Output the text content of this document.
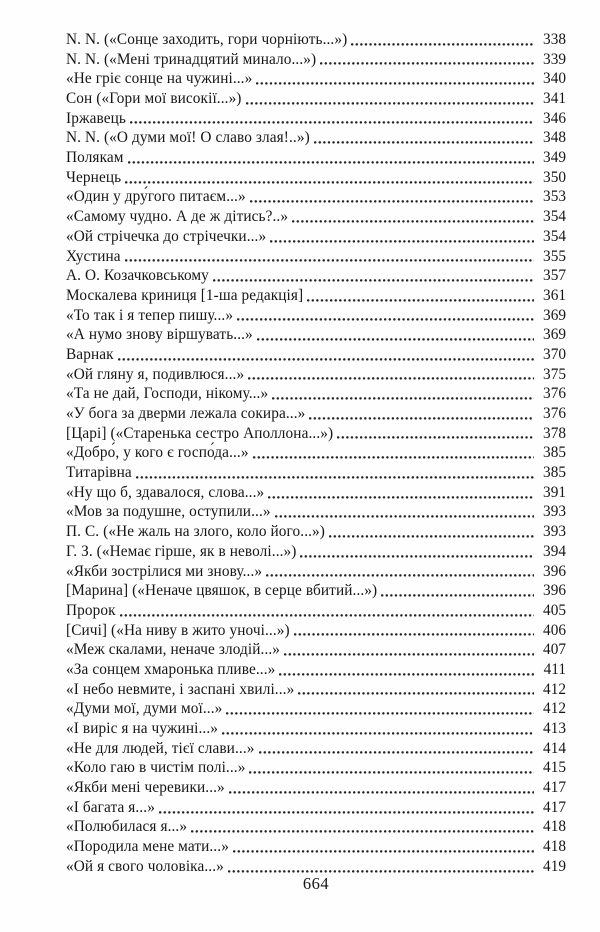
N. N. («Сонце заходить, гори чорніють...»)	338
N. N. («Мені тринадцятий минало...»)	339
«Не гріє сонце на чужині...»	340
Сон («Гори мої високії...»)	341
Іржавець	346
N. N. («О думи мої! О славо злая!..»)	348
Полякам	349
Чернець	350
«Один у дру́гого питаєм...»	353
«Самому чудно. А де ж дітись?..»	354
«Ой стрічечка до стрічечки...»	354
Хустина	355
А. О. Козачковському	357
Москалева криниця [1-ша редакція]	361
«То так і я тепер пишу...»	369
«А нумо знову віршувать...»	369
Варнак	370
«Ой гляну я, подивлюся...»	375
«Та не дай, Господи, нікому...»	376
«У бога за дверми лежала сокира...»	376
[Царі] («Старенька сестро Аполлона...»)	378
«Добро́, у кого є госпо́да...»	385
Титарівна	385
«Ну що б, здавалося, слова...»	391
«Мов за подушне, оступили...»	393
П. С. («Не жаль на злого, коло його...»)	393
Г. З. («Немає гірше, як в неволі...»)	394
«Якби зострілися ми знову...»	396
[Марина] («Неначе цвяшок, в серце вбитий...»)	396
Пророк	405
[Сичі] («На ниву в жито уночі...»)	406
«Меж скалами, неначе злодій...»	407
«За сонцем хмаронька пливе...»	411
«І небо невмите, і заспані хвилі...»	412
«Думи мої, думи мої...»	412
«І виріс я на чужині...»	413
«Не для людей, тієї слави...»	414
«Коло гаю в чистім полі...»	415
«Якби мені черевики...»	417
«І багата я...»	417
«Полюбилася я...»	418
«Породила мене мати...»	418
«Ой я свого чоловіка...»	419
664
